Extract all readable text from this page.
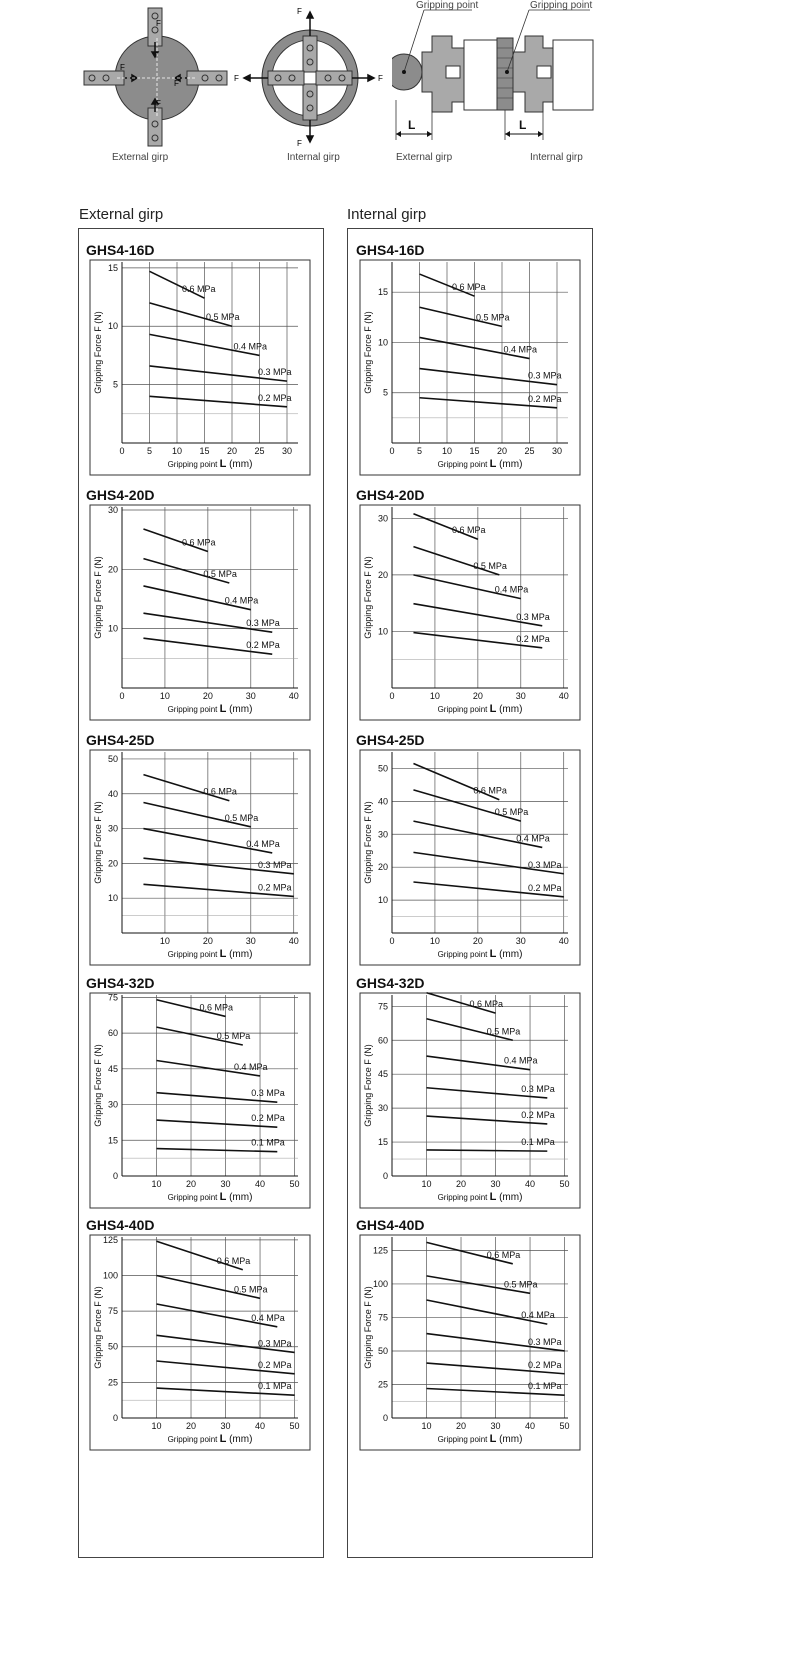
F
F
F
F
External girp
F
F
F	F
Internal girp
Gripping point
L
External girp
Gripping point
L
Internal girp
External girp	Internal girp
GHS4-16D
0 5 10 15 20 25 30
5
10
15
Gripping point L (mm)
Gripping Force F (N)
0.6 MPa
0.5 MPa
0.4 MPa
0.3 MPa
0.2 MPa
GHS4-16D
0 5 10 15 20 25 30
5
10
15
Gripping point L (mm)
Gripping Force F (N)
0.6 MPa
0.5 MPa
0.4 MPa
0.3 MPa
0.2 MPa
GHS4-20D
0	10	20	30	40
10
20
30
Gripping point L (mm)
Gripping Force F (N)
0.6 MPa
0.5 MPa
0.4 MPa
0.3 MPa
0.2 MPa
GHS4-20D
0	10	20	30	40
10
20
30
Gripping point L (mm)
Gripping Force F (N)
0.6 MPa
0.5 MPa
0.4 MPa
0.3 MPa
0.2 MPa
GHS4-25D
10	20	30	40
10
20
30
40
50
Gripping point L (mm)
Gripping Force F (N)
0.6 MPa
0.5 MPa
0.4 MPa
0.3 MPa
0.2 MPa
GHS4-25D
0	10	20	30	40
10
20
30
40
50
Gripping point L (mm)
Gripping Force F (N)
0.6 MPa
0.5 MPa
0.4 MPa
0.3 MPa
0.2 MPa
GHS4-32D
10	20	30	40	50
0
15
30
45
60
75
Gripping point L (mm)
Gripping Force F (N)
0.6 MPa
0.5 MPa
0.4 MPa
0.3 MPa
0.2 MPa
0.1 MPa
GHS4-32D
10	20	30	40	50
0
15
30
45
60
75
Gripping point L (mm)
Gripping Force F (N)
0.6 MPa
0.5 MPa
0.4 MPa
0.3 MPa
0.2 MPa
0.1 MPa
GHS4-40D
10	20	30	40	50
0
25
50
75
100
125
Gripping point L (mm)
Gripping Force F (N)
0.6 MPa
0.5 MPa
0.4 MPa
0.3 MPa
0.2 MPa
0.1 MPa
GHS4-40D
10	20	30	40	50
0
25
50
75
100
125
Gripping point L (mm)
Gripping Force F (N)
0.6 MPa
0.5 MPa
0.4 MPa
0.3 MPa
0.2 MPa
0.1 MPa
